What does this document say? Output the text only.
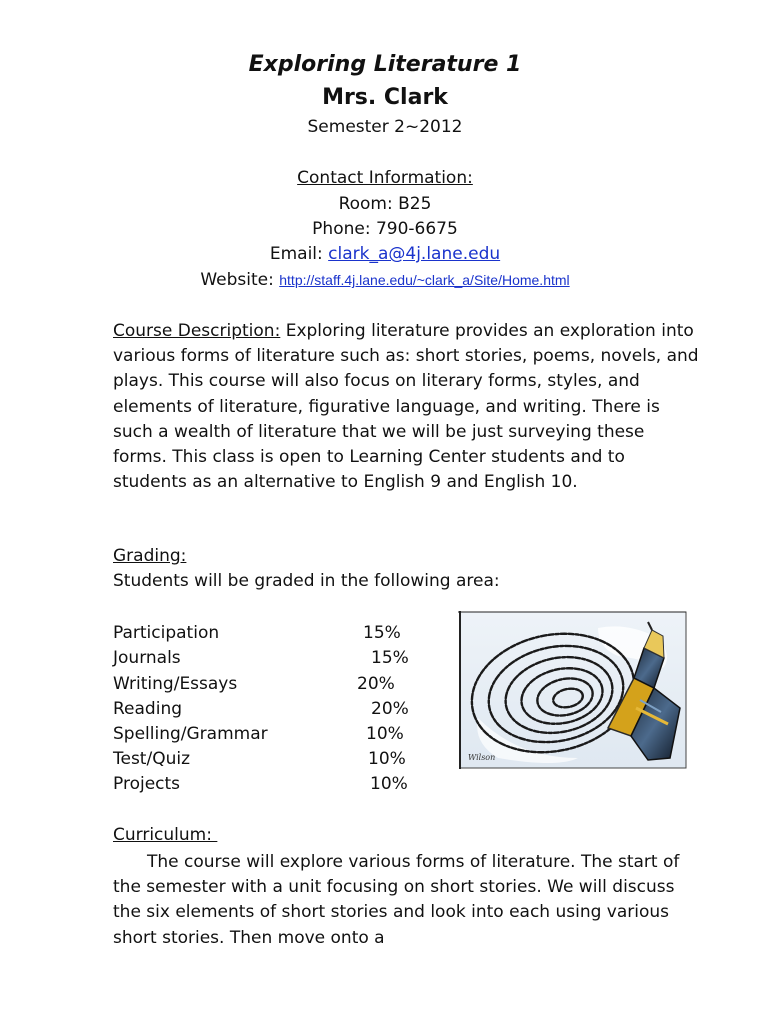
Exploring Literature 1
Mrs. Clark
Semester 2~2012
Contact Information:
Room: B25
Phone: 790-6675
Email: clark_a@4j.lane.edu
Website: http://staff.4j.lane.edu/~clark_a/Site/Home.html
Course Description: Exploring literature provides an exploration into various forms of literature such as: short stories, poems, novels, and plays. This course will also focus on literary forms, styles, and elements of literature, figurative language, and writing. There is such a wealth of literature that we will be just surveying these forms. This class is open to Learning Center students and to students as an alternative to English 9 and English 10.
Grading:
Students will be graded in the following area:
Participation	15%
Journals	15%
Writing/Essays	20%
Reading	20%
Spelling/Grammar	10%
Test/Quiz	10%
Projects	10%
Wilson
Curriculum:
The course will explore various forms of literature. The start of the semester with a unit focusing on short stories. We will discuss the six elements of short stories and look into each using various short stories. Then move onto a
